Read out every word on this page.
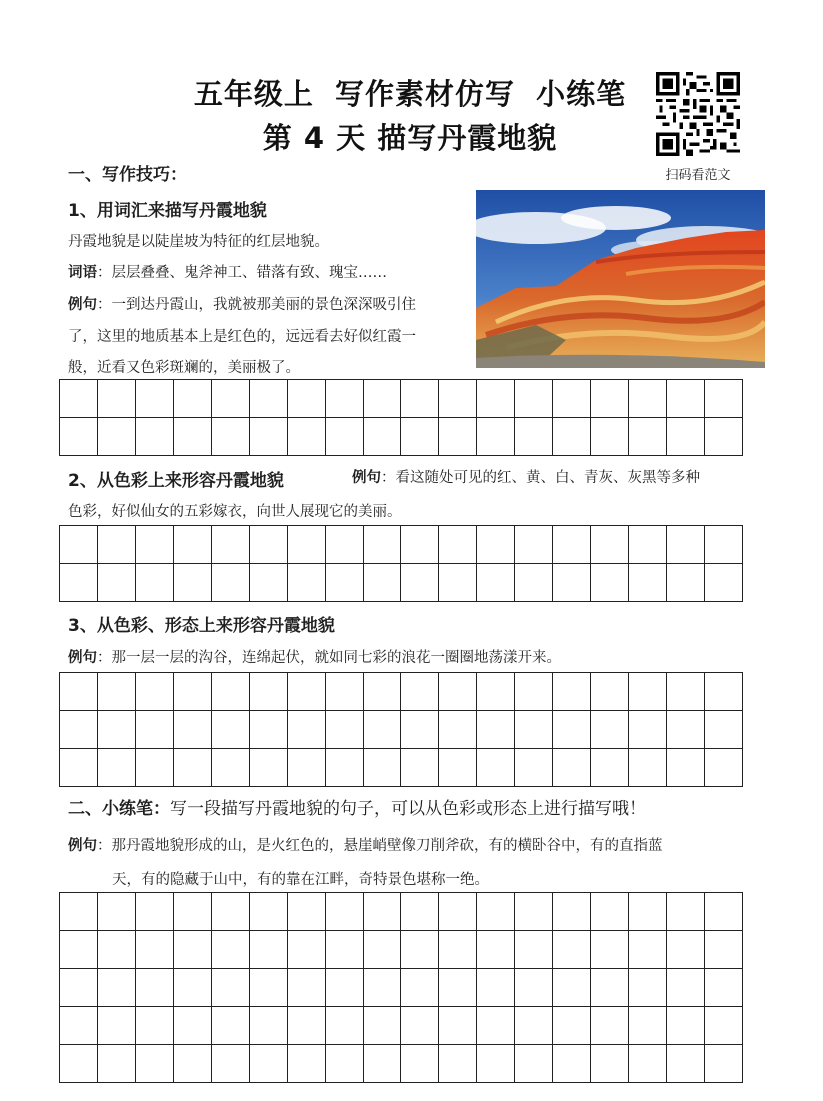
五年级上 写作素材仿写 小练笔
第 4 天 描写丹霞地貌
扫码看范文
一、写作技巧：
1、用词汇来描写丹霞地貌
丹霞地貌是以陡崖坡为特征的红层地貌。
词语：层层叠叠、鬼斧神工、错落有致、瑰宝……
例句：一到达丹霞山，我就被那美丽的景色深深吸引住
了，这里的地质基本上是红色的，远远看去好似红霞一
般，近看又色彩斑斓的，美丽极了。
2、从色彩上来形容丹霞地貌	例句：看这随处可见的红、黄、白、青灰、灰黑等多种
色彩，好似仙女的五彩嫁衣，向世人展现它的美丽。
3、从色彩、形态上来形容丹霞地貌
例句：那一层一层的沟谷，连绵起伏，就如同七彩的浪花一圈圈地荡漾开来。
二、小练笔：写一段描写丹霞地貌的句子，可以从色彩或形态上进行描写哦！
例句：那丹霞地貌形成的山，是火红色的，悬崖峭壁像刀削斧砍，有的横卧谷中，有的直指蓝
天，有的隐藏于山中，有的靠在江畔，奇特景色堪称一绝。
